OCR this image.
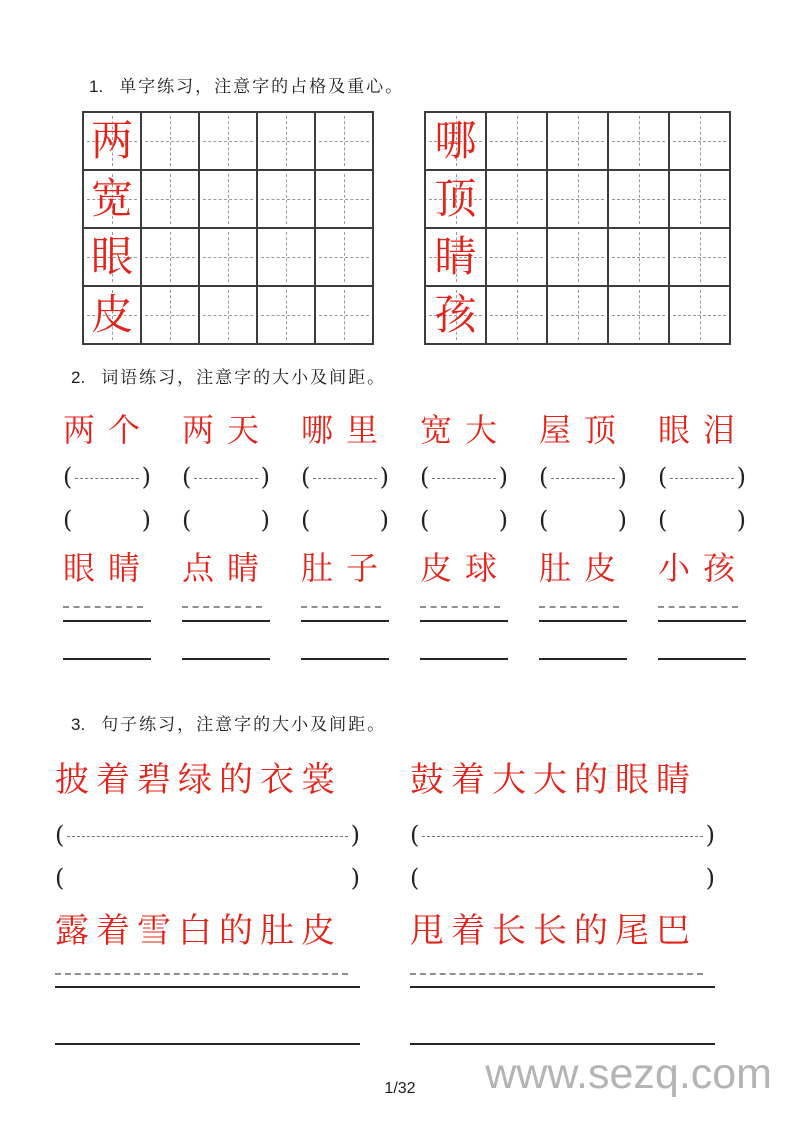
1. 单字练习，注意字的占格及重心。
两
宽
眼
皮
哪
顶
睛
孩
2. 词语练习，注意字的大小及间距。
两个
(	)
(	)
眼睛
两天
(	)
(	)
点睛
哪里
(	)
(	)
肚子
宽大
(	)
(	)
皮球
屋顶
(	)
(	)
肚皮
眼泪
(	)
(	)
小孩
3. 句子练习，注意字的大小及间距。
披着碧绿的衣裳
(	)
(	)
露着雪白的肚皮
鼓着大大的眼睛
(	)
(	)
甩着长长的尾巴
1/32	www.sezq.com
